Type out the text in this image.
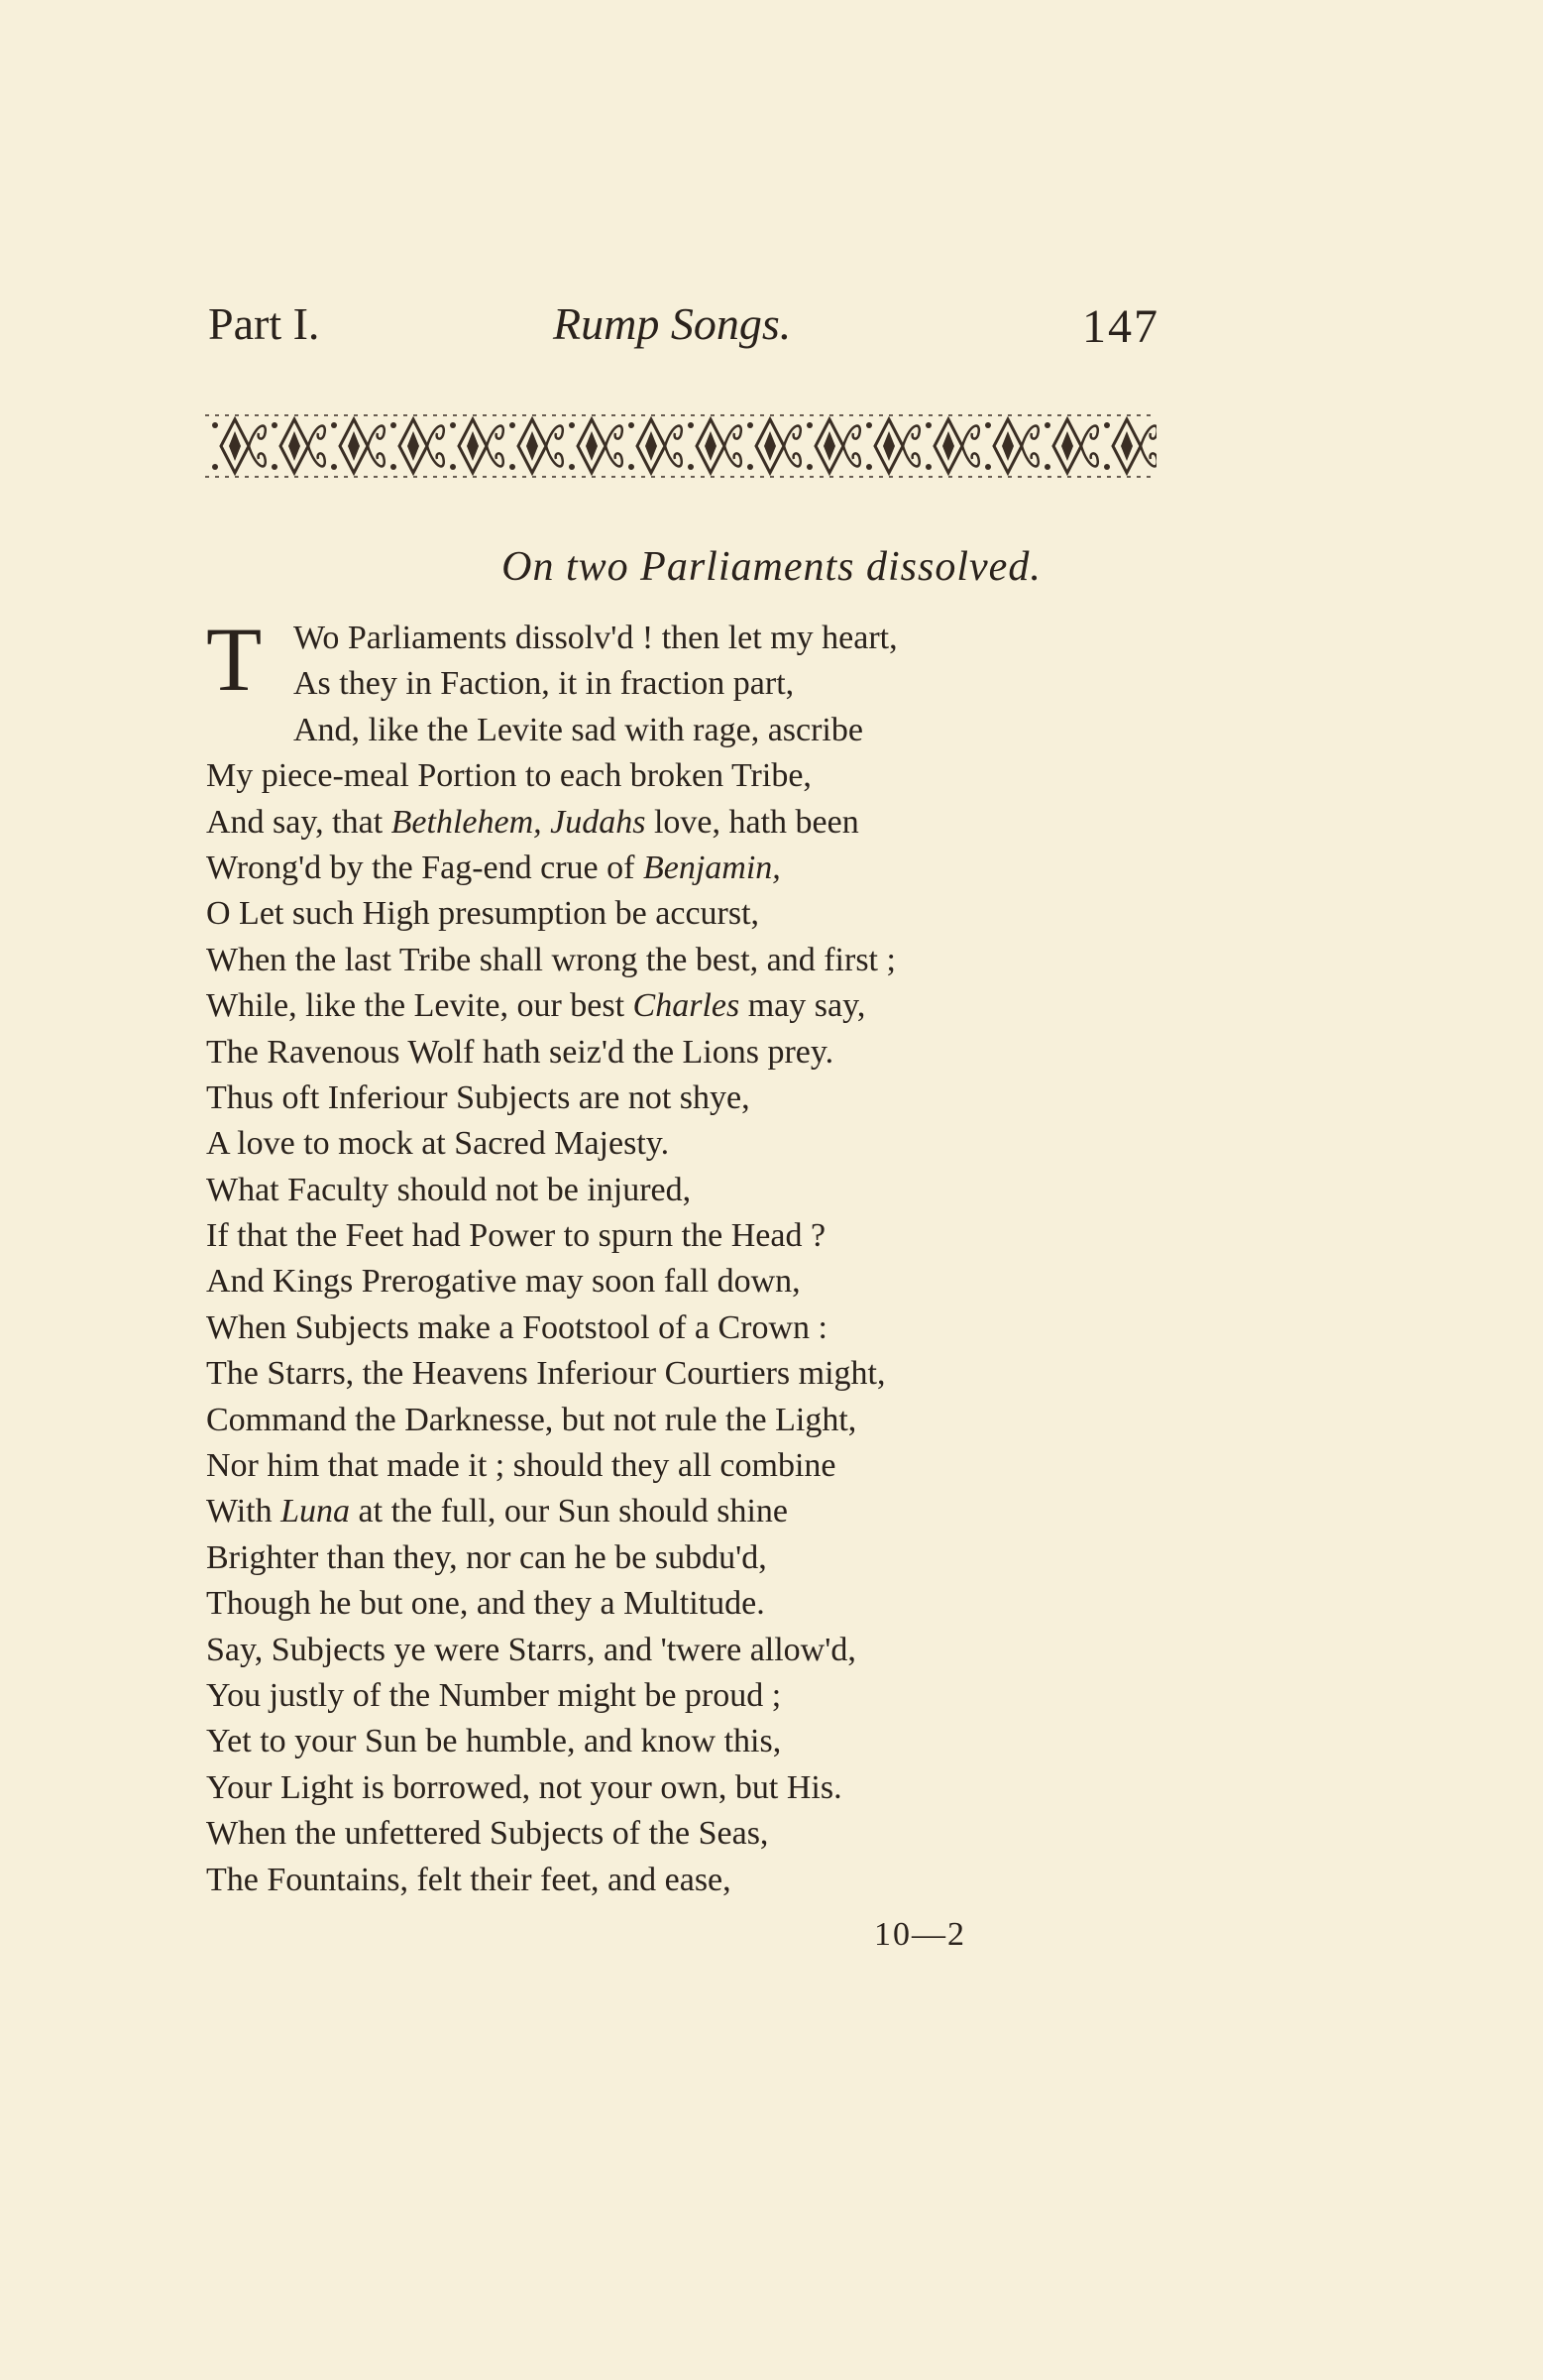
Part I.	Rump Songs.	147
On two Parliaments dissolved.
T Wo Parliaments dissolv'd ! then let my heart,
As they in Faction, it in fraction part,
And, like the Levite sad with rage, ascribe
My piece-meal Portion to each broken Tribe,
And say, that Bethlehem, Judahs love, hath been
Wrong'd by the Fag-end crue of Benjamin,
O Let such High presumption be accurst,
When the last Tribe shall wrong the best, and first ;
While, like the Levite, our best Charles may say,
The Ravenous Wolf hath seiz'd the Lions prey.
Thus oft Inferiour Subjects are not shye,
A love to mock at Sacred Majesty.
What Faculty should not be injured,
If that the Feet had Power to spurn the Head ?
And Kings Prerogative may soon fall down,
When Subjects make a Footstool of a Crown :
The Starrs, the Heavens Inferiour Courtiers might,
Command the Darknesse, but not rule the Light,
Nor him that made it ; should they all combine
With Luna at the full, our Sun should shine
Brighter than they, nor can he be subdu'd,
Though he but one, and they a Multitude.
Say, Subjects ye were Starrs, and 'twere allow'd,
You justly of the Number might be proud ;
Yet to your Sun be humble, and know this,
Your Light is borrowed, not your own, but His.
When the unfettered Subjects of the Seas,
The Fountains, felt their feet, and ease,
10—2
